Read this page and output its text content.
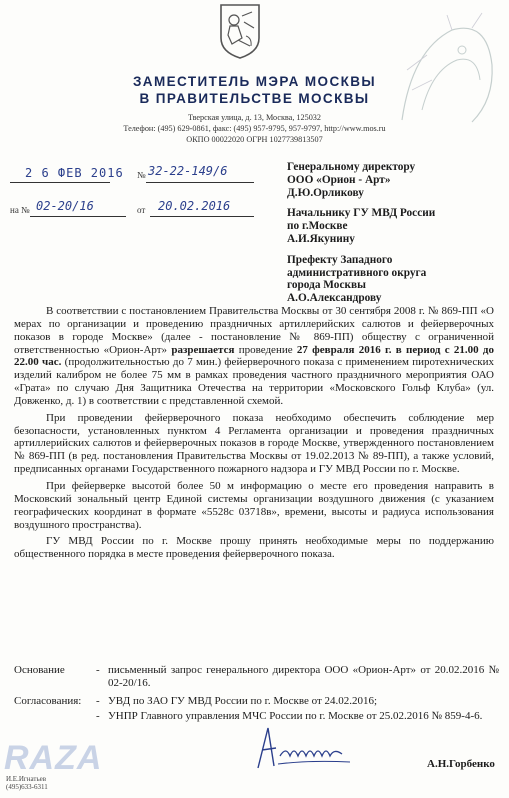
ЗАМЕСТИТЕЛЬ МЭРА МОСКВЫ
В ПРАВИТЕЛЬСТВЕ МОСКВЫ
Тверская улица, д. 13, Москва, 125032
Телефон: (495) 629-0861, факс: (495) 957-9795, 957-9797, http://www.mos.ru
ОКПО 00022020 ОГРН 1027739813507
2 6 ФЕВ 2016 № 32-22-149/6
на № 02-20/16	от 20.02.2016
Генеральному директору
ООО «Орион - Арт»
Д.Ю.Орликову
Начальнику ГУ МВД России
по г.Москве
А.И.Якунину
Префекту Западного
административного округа
города Москвы
А.О.Александрову

В соответствии с постановлением Правительства Москвы от 30 сентября 2008 г. № 869-ПП «О мерах по организации и проведению праздничных артиллерийских салютов и фейерверочных показов в городе Москве» (далее - постановление № 869-ПП) обществу с ограниченной ответственностью «Орион-Арт» разрешается проведение 27 февраля 2016 г. в период с 21.00 до 22.00 час. (продолжительностью до 7 мин.) фейерверочного показа с применением пиротехнических изделий калибром не более 75 мм в рамках проведения частного праздничного мероприятия ОАО «Грата» по случаю Дня Защитника Отечества на территории «Московского Гольф Клуба» (ул. Довженко, д. 1) в соответствии с представленной схемой.

При проведении фейерверочного показа необходимо обеспечить соблюдение мер безопасности, установленных пунктом 4 Регламента организации и проведения праздничных артиллерийских салютов и фейерверочных показов в городе Москве, утвержденного постановлением № 869-ПП (в ред. постановления Правительства Москвы от 19.02.2013 № 89-ПП), а также условий, предписанных органами Государственного пожарного надзора и ГУ МВД России по г. Москве.

При фейерверке высотой более 50 м информацию о месте его проведения направить в Московский зональный центр Единой системы организации воздушного движения (с указанием географических координат в формате «5528с 03718в», времени, высоты и радиуса использования воздушного пространства).

ГУ МВД России по г. Москве прошу принять необходимые меры по поддержанию общественного порядка в месте проведения фейерверочного показа.

Основание	- письменный запрос генерального директора ООО «Орион-Арт» от 20.02.2016 № 02-20/16.
Согласования:	- УВД по ЗАО ГУ МВД России по г. Москве от 24.02.2016;
- УНПР Главного управления МЧС России по г. Москве от 25.02.2016 № 859-4-6.
А.Н.Горбенко
RAZA
И.Е.Игнатьев
(495)633-6311
